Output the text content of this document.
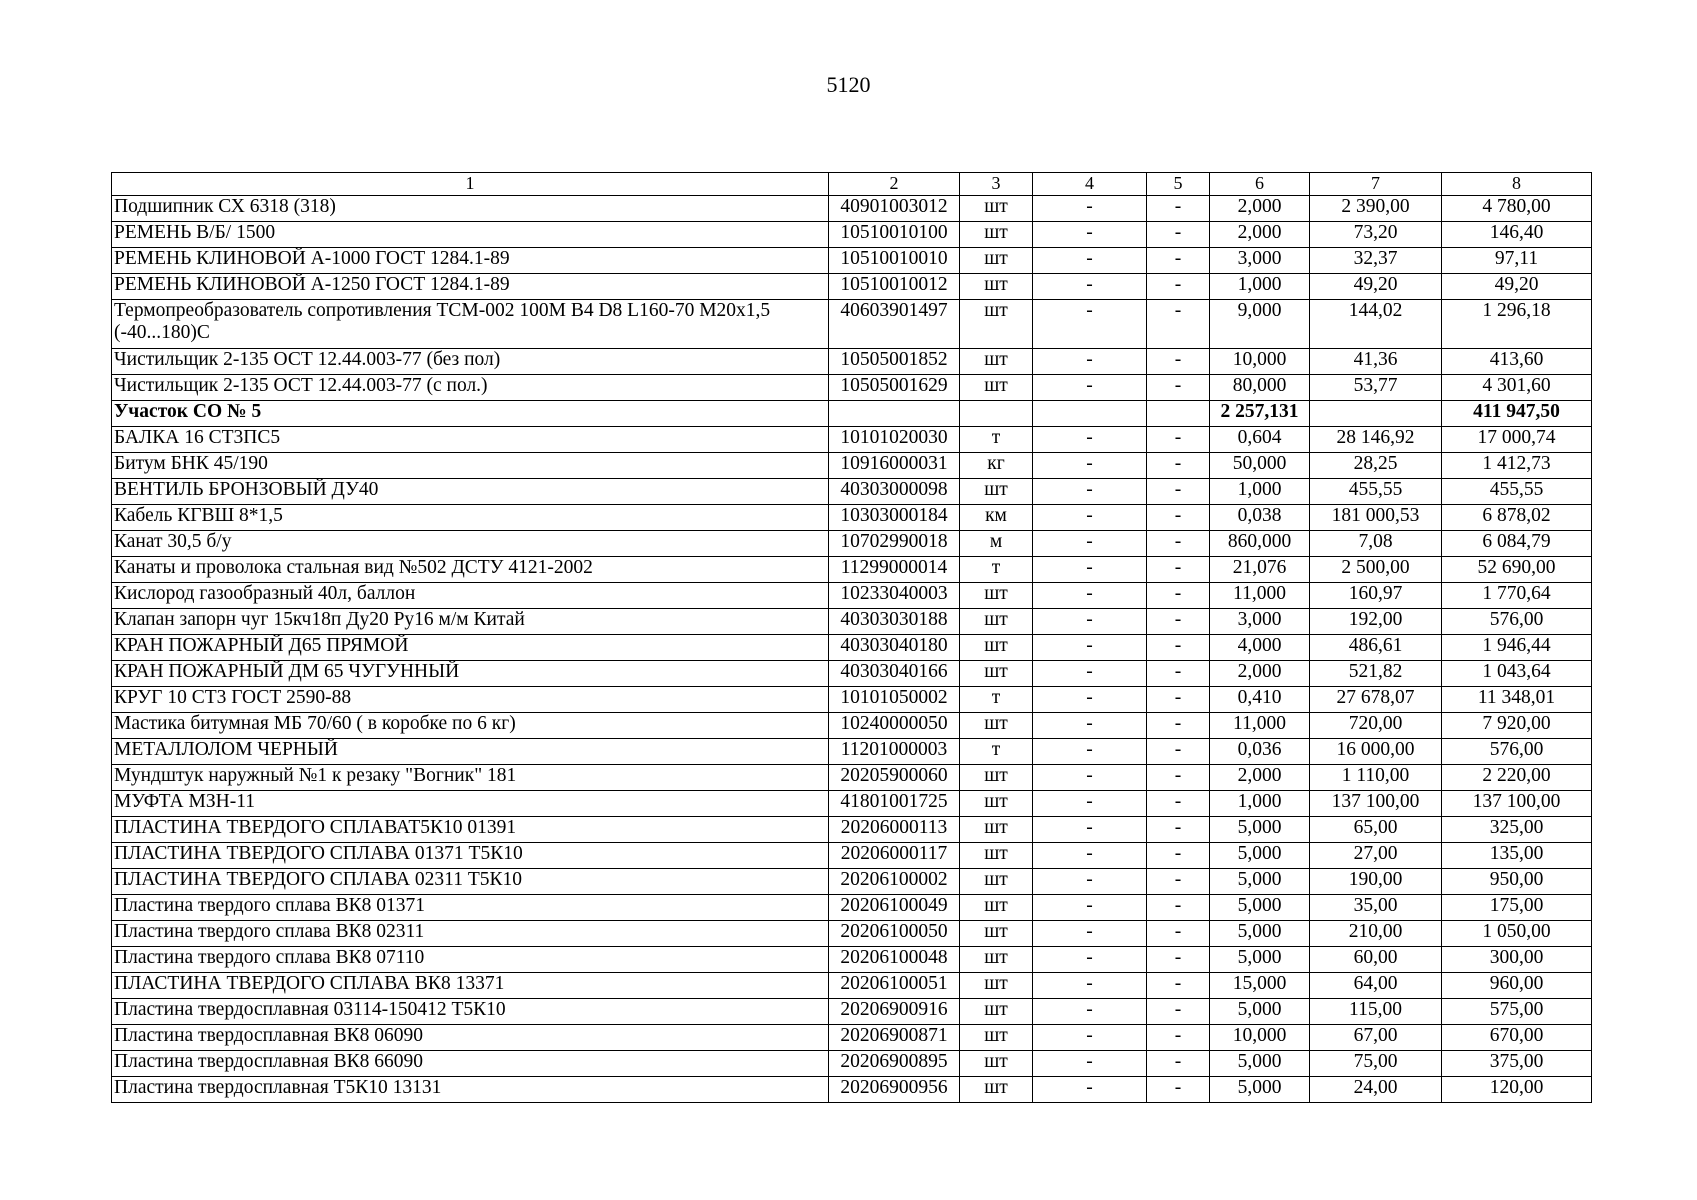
5120
1	2	3	4	5	6	7	8
Подшипник СХ 6318 (318)	40901003012	шт	-	-	2,000	2 390,00	4 780,00
РЕМЕНЬ В/Б/ 1500	10510010100	шт	-	-	2,000	73,20	146,40
РЕМЕНЬ КЛИНОВОЙ А-1000 ГОСТ 1284.1-89	10510010010	шт	-	-	3,000	32,37	97,11
РЕМЕНЬ КЛИНОВОЙ А-1250 ГОСТ 1284.1-89	10510010012	шт	-	-	1,000	49,20	49,20
Термопреобразователь сопротивления ТСМ-002 100М В4 D8 L160-70 М20х1,5 (-40...180)С	40603901497	шт	-	-	9,000	144,02	1 296,18
Чистильщик 2-135 ОСТ 12.44.003-77 (без пол)	10505001852	шт	-	-	10,000	41,36	413,60
Чистильщик 2-135 ОСТ 12.44.003-77 (с пол.)	10505001629	шт	-	-	80,000	53,77	4 301,60
Участок СО № 5					2 257,131		411 947,50
БАЛКА 16 СТ3ПС5	10101020030	т	-	-	0,604	28 146,92	17 000,74
Битум БНК 45/190	10916000031	кг	-	-	50,000	28,25	1 412,73
ВЕНТИЛЬ БРОНЗОВЫЙ ДУ40	40303000098	шт	-	-	1,000	455,55	455,55
Кабель КГВШ 8*1,5	10303000184	км	-	-	0,038	181 000,53	6 878,02
Канат 30,5 б/у	10702990018	м	-	-	860,000	7,08	6 084,79
Канаты и проволока стальная вид №502 ДСТУ 4121-2002	11299000014	т	-	-	21,076	2 500,00	52 690,00
Кислород газообразный 40л, баллон	10233040003	шт	-	-	11,000	160,97	1 770,64
Клапан запорн чуг 15кч18п Ду20 Ру16 м/м Китай	40303030188	шт	-	-	3,000	192,00	576,00
КРАН ПОЖАРНЫЙ Д65 ПРЯМОЙ	40303040180	шт	-	-	4,000	486,61	1 946,44
КРАН ПОЖАРНЫЙ ДМ 65 ЧУГУННЫЙ	40303040166	шт	-	-	2,000	521,82	1 043,64
КРУГ 10 СТ3 ГОСТ 2590-88	10101050002	т	-	-	0,410	27 678,07	11 348,01
Мастика битумная МБ 70/60 ( в коробке по 6 кг)	10240000050	шт	-	-	11,000	720,00	7 920,00
МЕТАЛЛОЛОМ ЧЕРНЫЙ	11201000003	т	-	-	0,036	16 000,00	576,00
Мундштук наружный №1 к резаку "Вогник" 181	20205900060	шт	-	-	2,000	1 110,00	2 220,00
МУФТА МЗН-11	41801001725	шт	-	-	1,000	137 100,00	137 100,00
ПЛАСТИНА ТВЕРДОГО СПЛАВАТ5К10 01391	20206000113	шт	-	-	5,000	65,00	325,00
ПЛАСТИНА ТВЕРДОГО СПЛАВА 01371 Т5К10	20206000117	шт	-	-	5,000	27,00	135,00
ПЛАСТИНА ТВЕРДОГО СПЛАВА 02311 Т5К10	20206100002	шт	-	-	5,000	190,00	950,00
Пластина твердого сплава ВК8 01371	20206100049	шт	-	-	5,000	35,00	175,00
Пластина твердого сплава ВК8 02311	20206100050	шт	-	-	5,000	210,00	1 050,00
Пластина твердого сплава ВК8 07110	20206100048	шт	-	-	5,000	60,00	300,00
ПЛАСТИНА ТВЕРДОГО СПЛАВА ВК8 13371	20206100051	шт	-	-	15,000	64,00	960,00
Пластина твердосплавная 03114-150412 Т5К10	20206900916	шт	-	-	5,000	115,00	575,00
Пластина твердосплавная ВК8 06090	20206900871	шт	-	-	10,000	67,00	670,00
Пластина твердосплавная ВК8 66090	20206900895	шт	-	-	5,000	75,00	375,00
Пластина твердосплавная Т5К10 13131	20206900956	шт	-	-	5,000	24,00	120,00
